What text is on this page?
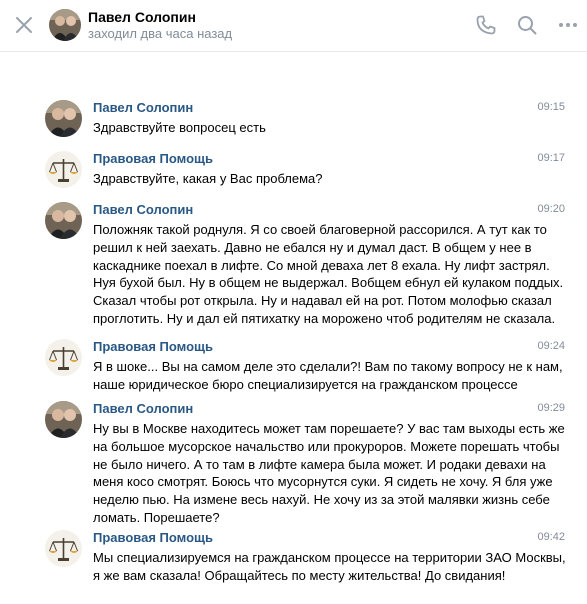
Павел Солопин
заходил два часа назад
Павел Солопин	09:15
Здравствуйте вопросец есть
Правовая Помощь	09:17
Здравствуйте, какая у Вас проблема?
Павел Солопин	09:20
Положняк такой роднуля. Я со своей благоверной рассорился. А тут как то решил к ней заехать. Давно не ебался ну и думал даст. В общем у нее в каскаднике поехал в лифте. Со мной деваха лет 8 ехала. Ну лифт застрял. Нуя бухой был. Ну в общем не выдержал. Вобщем ебнул ей кулаком поддых. Сказал чтобы рот открыла. Ну и надавал ей на рот. Потом молофью сказал проглотить. Ну и дал ей пятихатку на морожено чтоб родителям не сказала.
Правовая Помощь	09:24
Я в шоке... Вы на самом деле это сделали?! Вам по такому вопросу не к нам, наше юридическое бюро специализируется на гражданском процессе
Павел Солопин	09:29
Ну вы в Москве находитесь может там порешаете? У вас там выходы есть же на большое мусорское начальство или прокуроров. Можете порешать чтобы не было ничего. А то там в лифте камера была может. И родаки девахи на меня косо смотрят. Боюсь что мусорнутся суки. Я сидеть не хочу. Я бля уже неделю пью. На измене весь нахуй. Не хочу из за этой малявки жизнь себе ломать. Порешаете?
Правовая Помощь	09:42
Мы специализируемся на гражданском процессе на территории ЗАО Москвы, я же вам сказала! Обращайтесь по месту жительства! До свидания!
